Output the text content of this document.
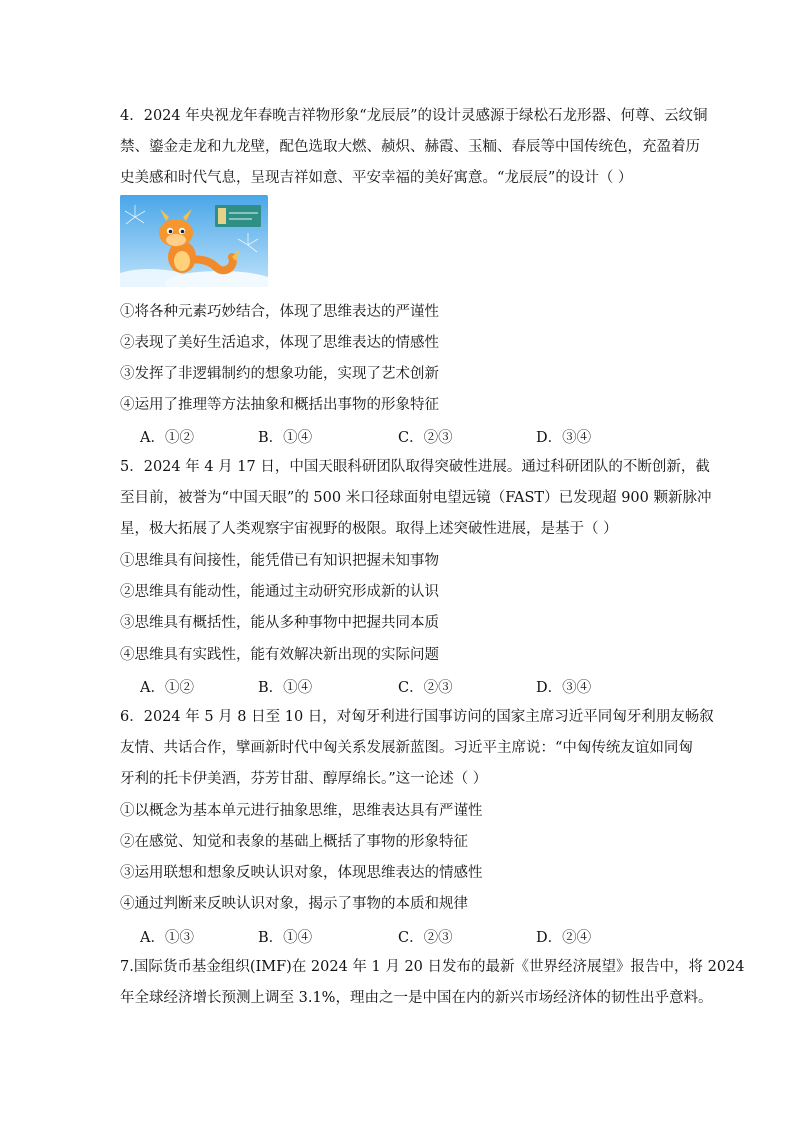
4．2024 年央视龙年春晚吉祥物形象“龙辰辰”的设计灵感源于绿松石龙形器、何尊、云纹铜
禁、鎏金走龙和九龙壁，配色选取大燃、赪炽、赫霞、玉粫、春辰等中国传统色，充盈着历
史美感和时代气息，呈现吉祥如意、平安幸福的美好寓意。“龙辰辰”的设计（ ）
①将各种元素巧妙结合，体现了思维表达的严谨性
②表现了美好生活追求，体现了思维表达的情感性
③发挥了非逻辑制约的想象功能，实现了艺术创新
④运用了推理等方法抽象和概括出事物的形象特征
A．①②	B．①④	C．②③	D．③④
5．2024 年 4 月 17 日，中国天眼科研团队取得突破性进展。通过科研团队的不断创新，截
至目前，被誉为“中国天眼”的 500 米口径球面射电望远镜（FAST）已发现超 900 颗新脉冲
星，极大拓展了人类观察宇宙视野的极限。取得上述突破性进展，是基于（ ）
①思维具有间接性，能凭借已有知识把握未知事物
②思维具有能动性，能通过主动研究形成新的认识
③思维具有概括性，能从多种事物中把握共同本质
④思维具有实践性，能有效解决新出现的实际问题
A．①②	B．①④	C．②③	D．③④
6．2024 年 5 月 8 日至 10 日，对匈牙利进行国事访问的国家主席习近平同匈牙利朋友畅叙
友情、共话合作，擘画新时代中匈关系发展新蓝图。习近平主席说：“中匈传统友谊如同匈
牙利的托卡伊美酒，芬芳甘甜、醇厚绵长。”这一论述（ ）
①以概念为基本单元进行抽象思维，思维表达具有严谨性
②在感觉、知觉和表象的基础上概括了事物的形象特征
③运用联想和想象反映认识对象，体现思维表达的情感性
④通过判断来反映认识对象，揭示了事物的本质和规律
A．①③	B．①④	C．②③	D．②④
7.国际货币基金组织(IMF)在 2024 年 1 月 20 日发布的最新《世界经济展望》报告中，将 2024
年全球经济增长预测上调至 3.1%，理由之一是中国在内的新兴市场经济体的韧性出乎意料。
